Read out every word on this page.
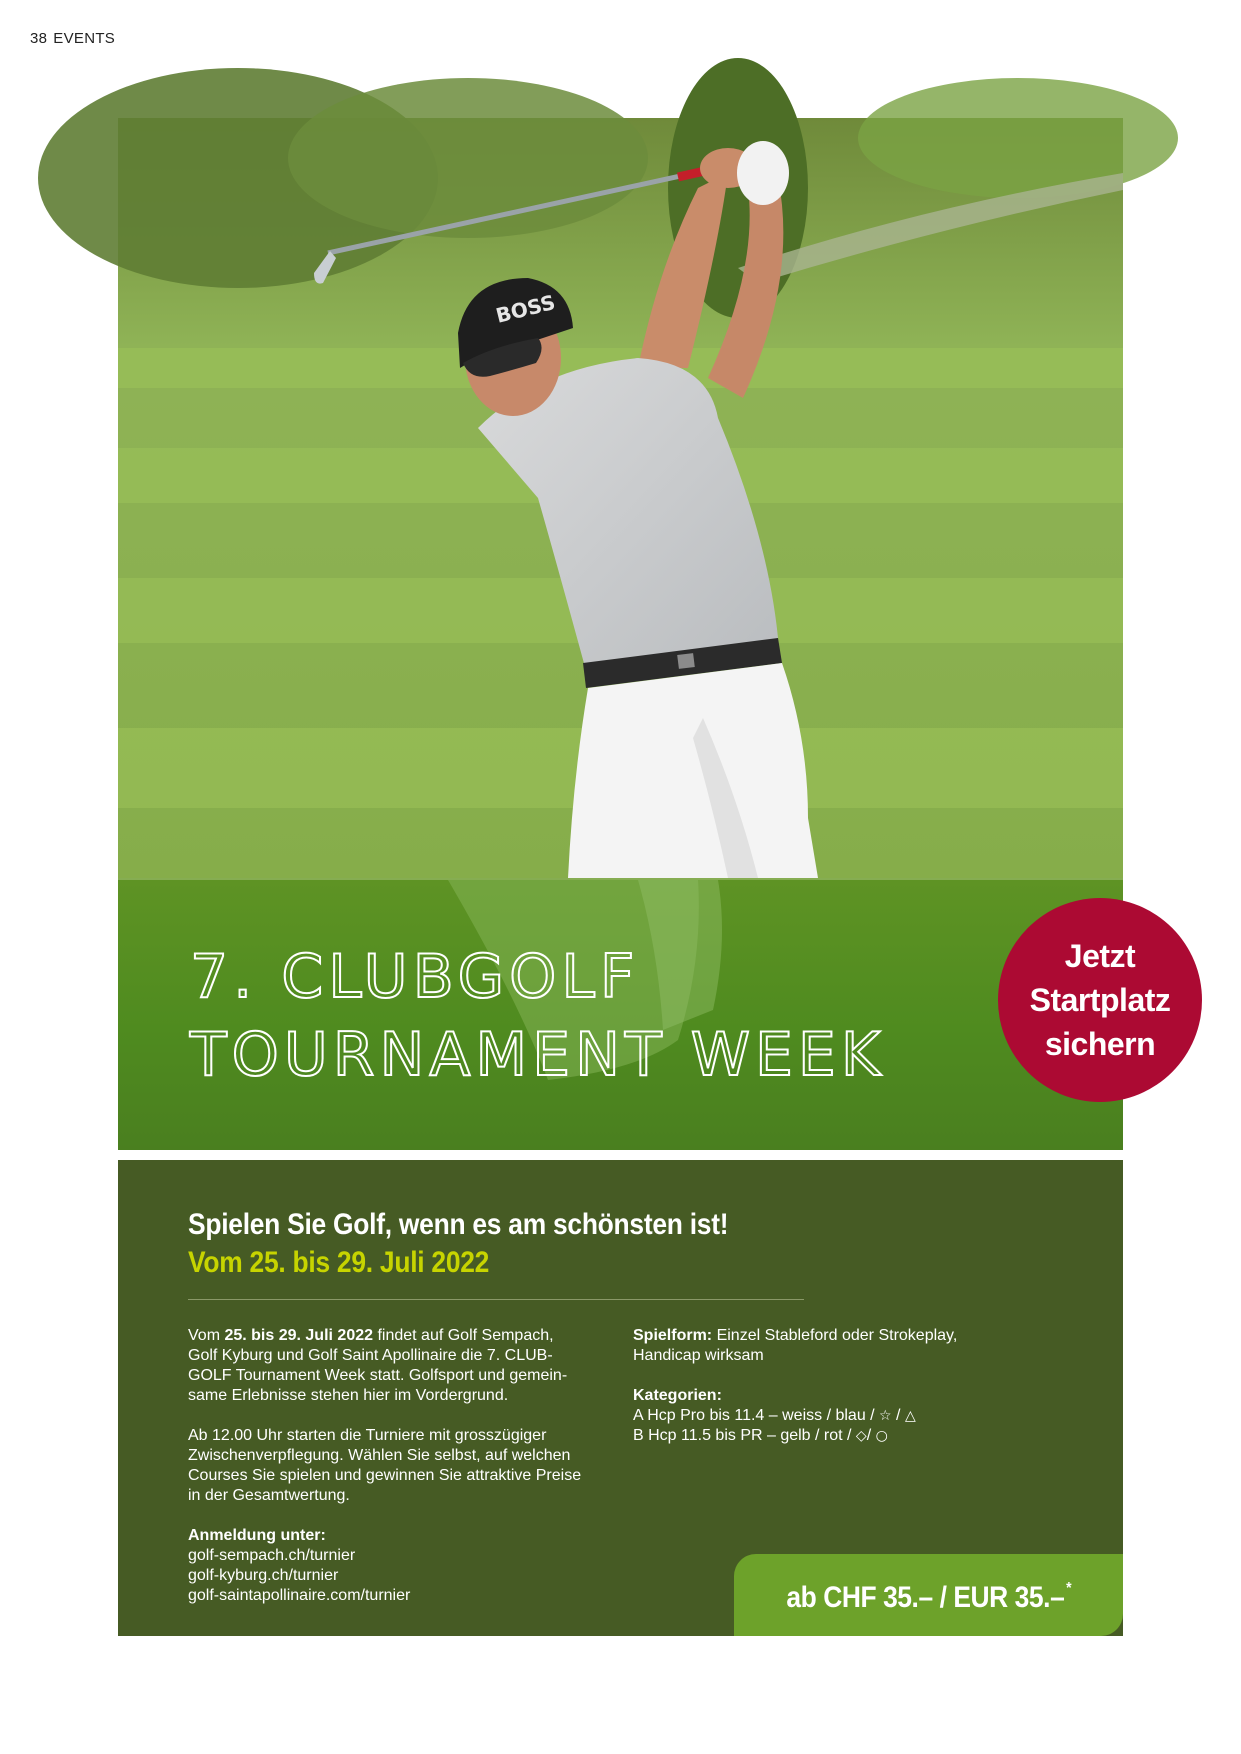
38 EVENTS
BOSS
7. CLUBGOLF
TOURNAMENT WEEK
Jetzt
Startplatz
sichern
Spielen Sie Golf, wenn es am schönsten ist!
Vom 25. bis 29. Juli 2022

Vom 25. bis 29. Juli 2022 findet auf Golf Sempach,
Golf Kyburg und Golf Saint Apollinaire die 7. CLUB-
GOLF Tournament Week statt. Golfsport und gemein-
same Erlebnisse stehen hier im Vordergrund.

Ab 12.00 Uhr starten die Turniere mit grosszügiger
Zwischenverpflegung. Wählen Sie selbst, auf welchen
Courses Sie spielen und gewinnen Sie attraktive Preise
in der Gesamtwertung.

Anmeldung unter:
golf-sempach.ch/turnier
golf-kyburg.ch/turnier
golf-saintapollinaire.com/turnier

Spielform: Einzel Stableford oder Strokeplay,
Handicap wirksam

Kategorien:
A Hcp Pro bis 11.4 – weiss / blau / ☆ / △
B Hcp 11.5 bis PR – gelb / rot / ◇/ ○

ab CHF 35.– / EUR 35.– *
